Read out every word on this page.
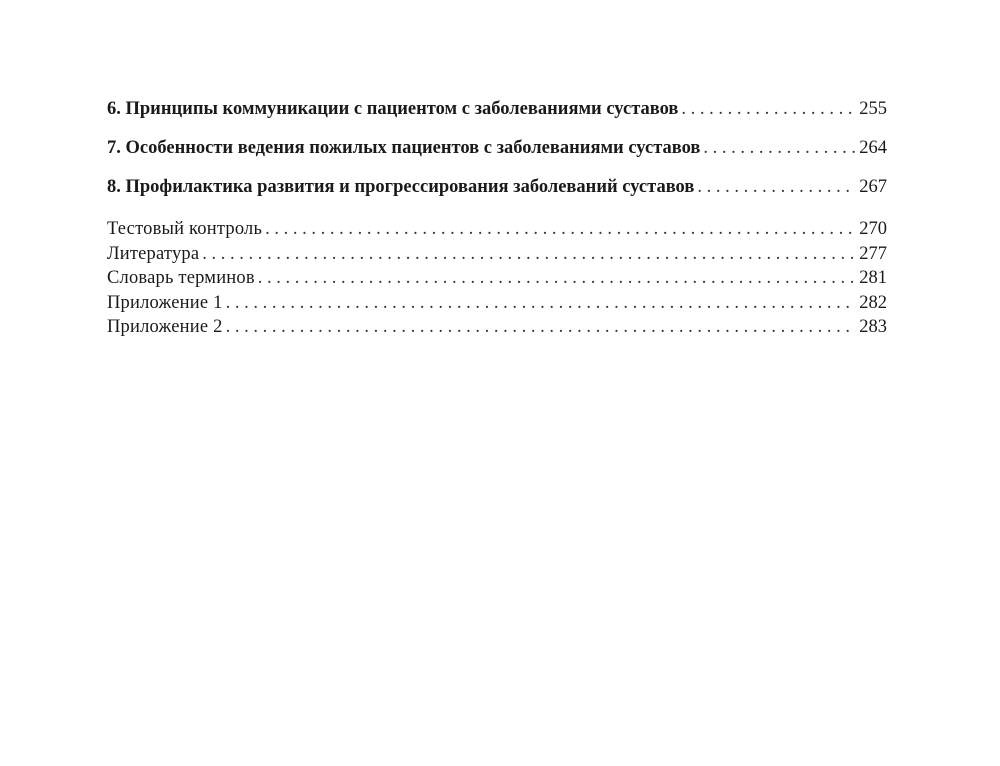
6. Принципы коммуникации с пациентом с заболеваниями суставов . . .	255
7. Особенности ведения пожилых пациентов с заболеваниями суставов . . .	264
8. Профилактика развития и прогрессирования заболеваний суставов . . .	267
Тестовый контроль . . .	270
Литература . . .	277
Словарь терминов . . .	281
Приложение 1 . . .	282
Приложение 2 . . .	283
